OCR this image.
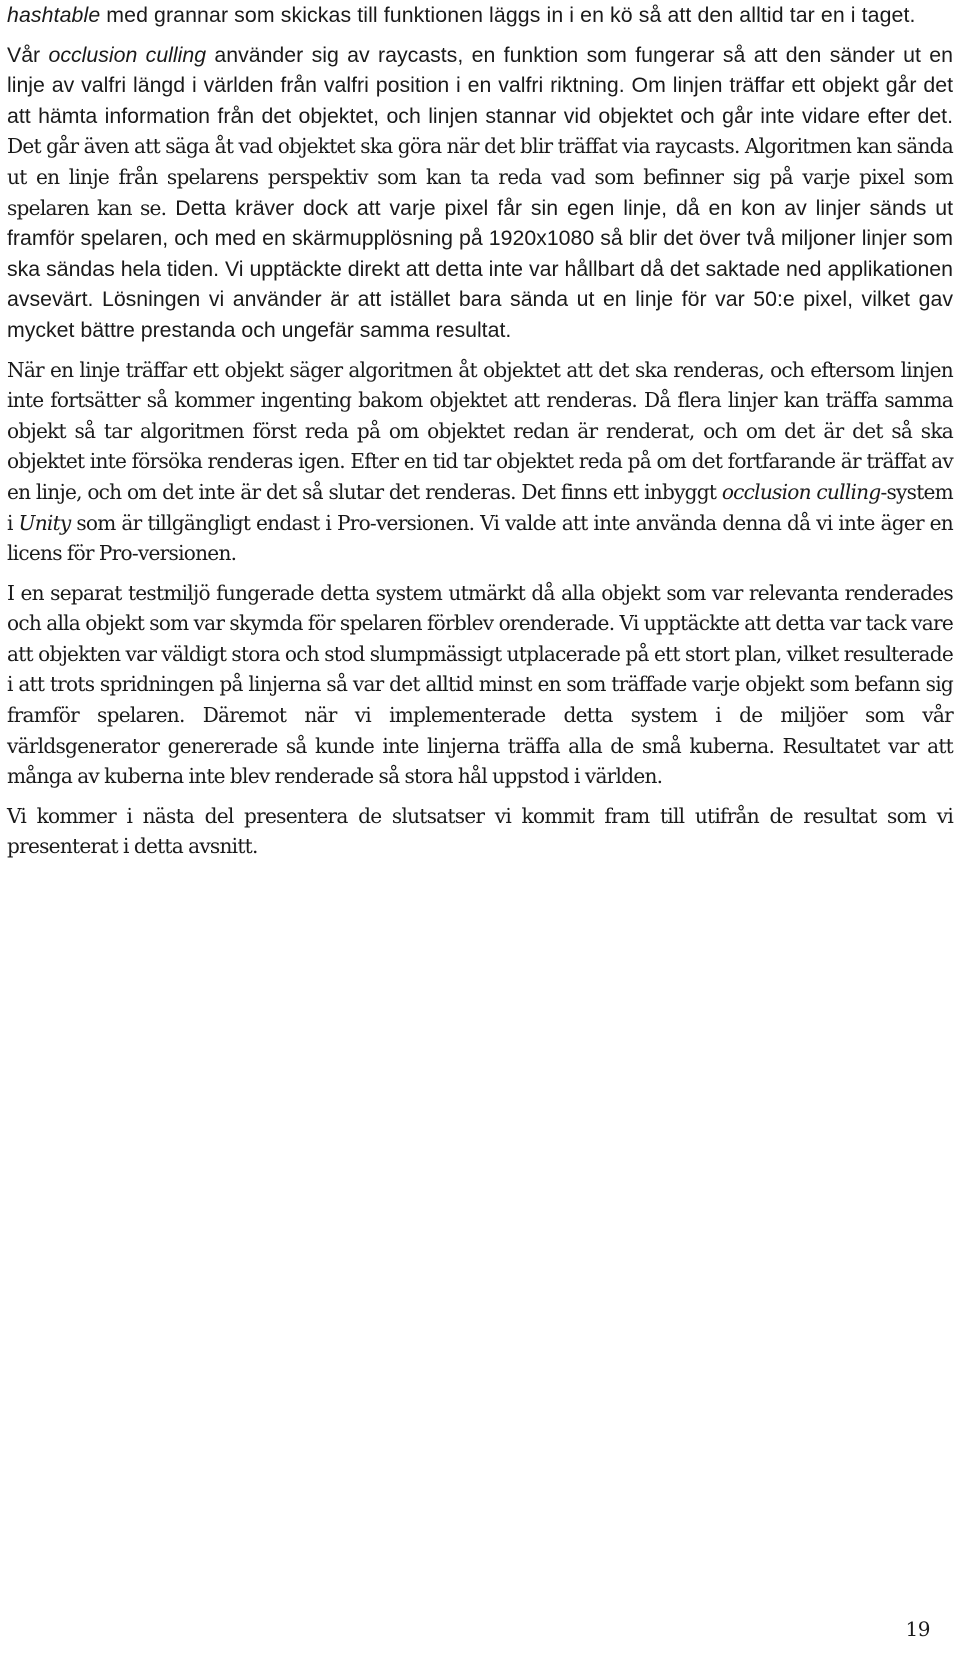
hashtable med grannar som skickas till funktionen läggs in i en kö så att den alltid tar en i taget.

Vår occlusion culling använder sig av raycasts, en funktion som fungerar så att den sänder ut en linje av valfri längd i världen från valfri position i en valfri riktning. Om linjen träffar ett objekt går det att hämta information från det objektet, och linjen stannar vid objektet och går inte vidare efter det. Det går även att säga åt vad objektet ska göra när det blir träffat via raycasts. Algoritmen kan sända ut en linje från spelarens perspektiv som kan ta reda vad som befinner sig på varje pixel som spelaren kan se. Detta kräver dock att varje pixel får sin egen linje, då en kon av linjer sänds ut framför spelaren, och med en skärmupplösning på 1920x1080 så blir det över två miljoner linjer som ska sändas hela tiden. Vi upptäckte direkt att detta inte var hållbart då det saktade ned applikationen avsevärt. Lösningen vi använder är att istället bara sända ut en linje för var 50:e pixel, vilket gav mycket bättre prestanda och ungefär samma resultat.

När en linje träffar ett objekt säger algoritmen åt objektet att det ska renderas, och eftersom linjen inte fortsätter så kommer ingenting bakom objektet att renderas. Då flera linjer kan träffa samma objekt så tar algoritmen först reda på om objektet redan är renderat, och om det är det så ska objektet inte försöka renderas igen. Efter en tid tar objektet reda på om det fortfarande är träffat av en linje, och om det inte är det så slutar det renderas. Det finns ett inbyggt occlusion culling-system i Unity som är tillgängligt endast i Pro-versionen. Vi valde att inte använda denna då vi inte äger en licens för Pro-versionen.

I en separat testmiljö fungerade detta system utmärkt då alla objekt som var relevanta renderades och alla objekt som var skymda för spelaren förblev orenderade. Vi upptäckte att detta var tack vare att objekten var väldigt stora och stod slumpmässigt utplacerade på ett stort plan, vilket resulterade i att trots spridningen på linjerna så var det alltid minst en som träffade varje objekt som befann sig framför spelaren. Däremot när vi implementerade detta system i de miljöer som vår världsgenerator genererade så kunde inte linjerna träffa alla de små kuberna. Resultatet var att många av kuberna inte blev renderade så stora hål uppstod i världen.

Vi kommer i nästa del presentera de slutsatser vi kommit fram till utifrån de resultat som vi presenterat i detta avsnitt.

19
